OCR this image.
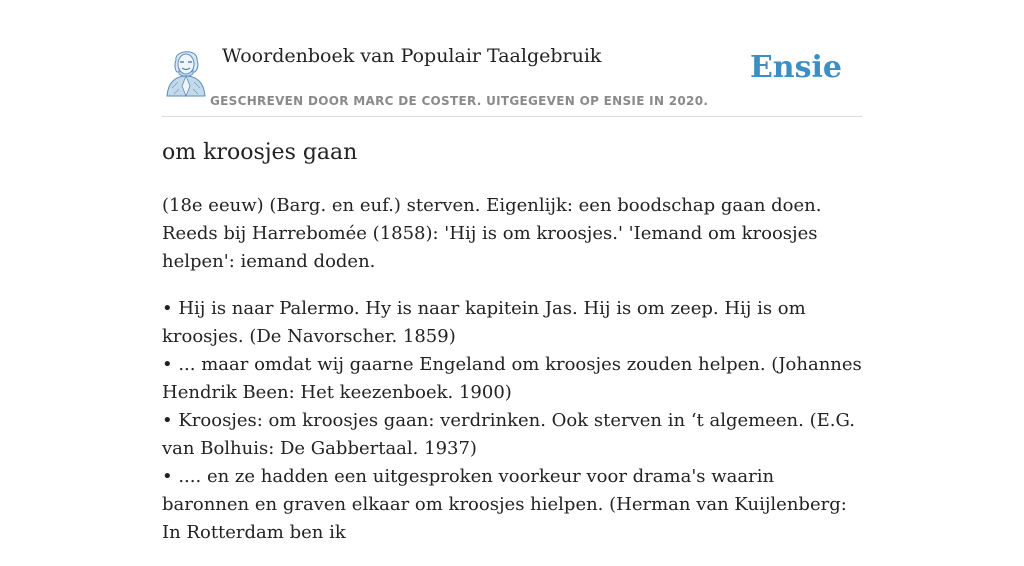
Woordenboek van Populair Taalgebruik
GESCHREVEN DOOR MARC DE COSTER. UITGEGEVEN OP ENSIE IN 2020.
Ensie
om kroosjes gaan

(18e eeuw) (Barg. en euf.) sterven. Eigenlijk: een boodschap gaan doen. Reeds bij Harrebomée (1858): 'Hij is om kroosjes.' 'Iemand om kroosjes helpen': iemand doden.

• Hij is naar Palermo. Hy is naar kapitein Jas. Hij is om zeep. Hij is om kroosjes. (De Navorscher. 1859)
• ... maar omdat wij gaarne Engeland om kroosjes zouden helpen. (Johannes Hendrik Been: Het keezenboek. 1900)
• Kroosjes: om kroosjes gaan: verdrinken. Ook sterven in ‘t algemeen. (E.G. van Bolhuis: De Gabbertaal. 1937)
• .... en ze hadden een uitgesproken voorkeur voor drama's waarin baronnen en graven elkaar om kroosjes hielpen. (Herman van Kuijlenberg: In Rotterdam ben ik
